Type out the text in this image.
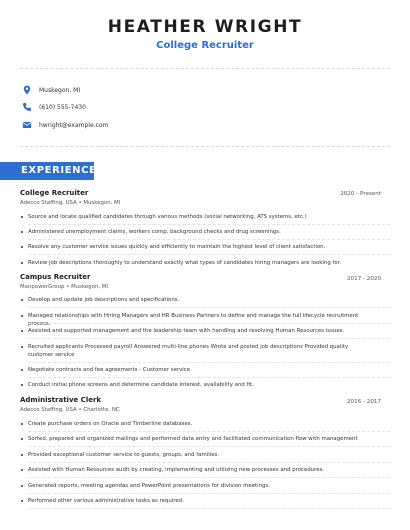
HEATHER WRIGHT
College Recruiter
Muskegon, MI
(610) 555-7430
hwright@example.com
EXPERIENCE
College Recruiter	2020 - Present
Adecco Staffing, USA • Muskegon, MI
Source and locate qualified candidates through various methods (social networking, ATS systems, etc.)
Administered unemployment claims, workers comp, background checks and drug screenings.
Resolve any customer service issues quickly and efficiently to maintain the highest level of client satisfaction.
Review job descriptions thoroughly to understand exactly what types of candidates hiring managers are looking for.
Campus Recruiter	2017 - 2020
ManpowerGroup • Muskegon, MI
Develop and update job descriptions and specifications.
Managed relationships with Hiring Managers and HR Business Partners to define and manage the full lifecycle recruitment process.
Assisted and supported management and the leadership team with handling and resolving Human Resources issues.
Recruited applicants Processed payroll Answered multi-line phones Wrote and posted job descriptions Provided quality customer service
Negotiate contracts and fee agreements - Customer service
Conduct initial phone screens and determine candidate interest, availability and fit.
Administrative Clerk	2016 - 2017
Adecco Staffing, USA • Charlotte, NC
Create purchase orders on Oracle and Timberline databases.
Sorted, prepared and organized mailings and performed data entry and facilitated communication flow with management
Provided exceptional customer service to guests, groups, and families.
Assisted with Human Resources audit by creating, implementing and utilizing new processes and procedures.
Generated reports, meeting agendas and PowerPoint presentations for division meetings.
Performed other various administrative tasks as required.
